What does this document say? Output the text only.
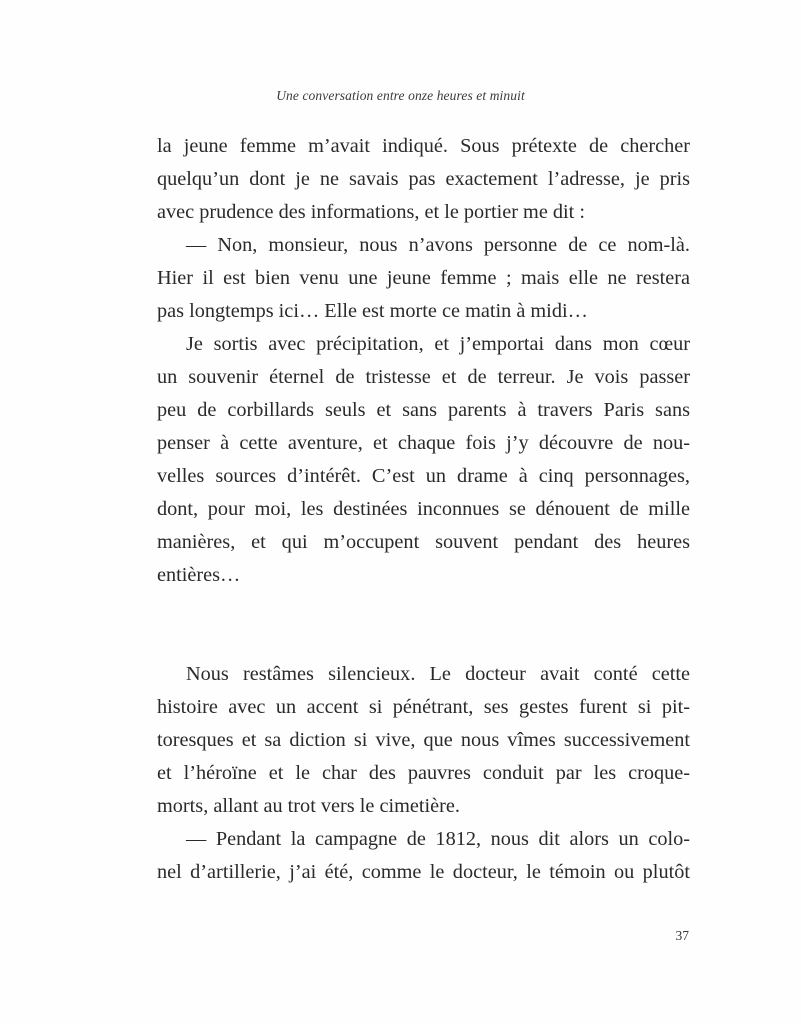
Une conversation entre onze heures et minuit
la jeune femme m’avait indiqué. Sous prétexte de chercher
quelqu’un dont je ne savais pas exactement l’adresse, je pris
avec prudence des informations, et le portier me dit :
— Non, monsieur, nous n’avons personne de ce nom-là.
Hier il est bien venu une jeune femme ; mais elle ne restera
pas longtemps ici… Elle est morte ce matin à midi…
Je sortis avec précipitation, et j’emportai dans mon cœur
un souvenir éternel de tristesse et de terreur. Je vois passer
peu de corbillards seuls et sans parents à travers Paris sans
penser à cette aventure, et chaque fois j’y découvre de nou-
velles sources d’intérêt. C’est un drame à cinq personnages,
dont, pour moi, les destinées inconnues se dénouent de mille
manières, et qui m’occupent souvent pendant des heures
entières…
Nous restâmes silencieux. Le docteur avait conté cette
histoire avec un accent si pénétrant, ses gestes furent si pit-
toresques et sa diction si vive, que nous vîmes successivement
et l’héroïne et le char des pauvres conduit par les croque-
morts, allant au trot vers le cimetière.
— Pendant la campagne de 1812, nous dit alors un colo-
nel d’artillerie, j’ai été, comme le docteur, le témoin ou plutôt
37
